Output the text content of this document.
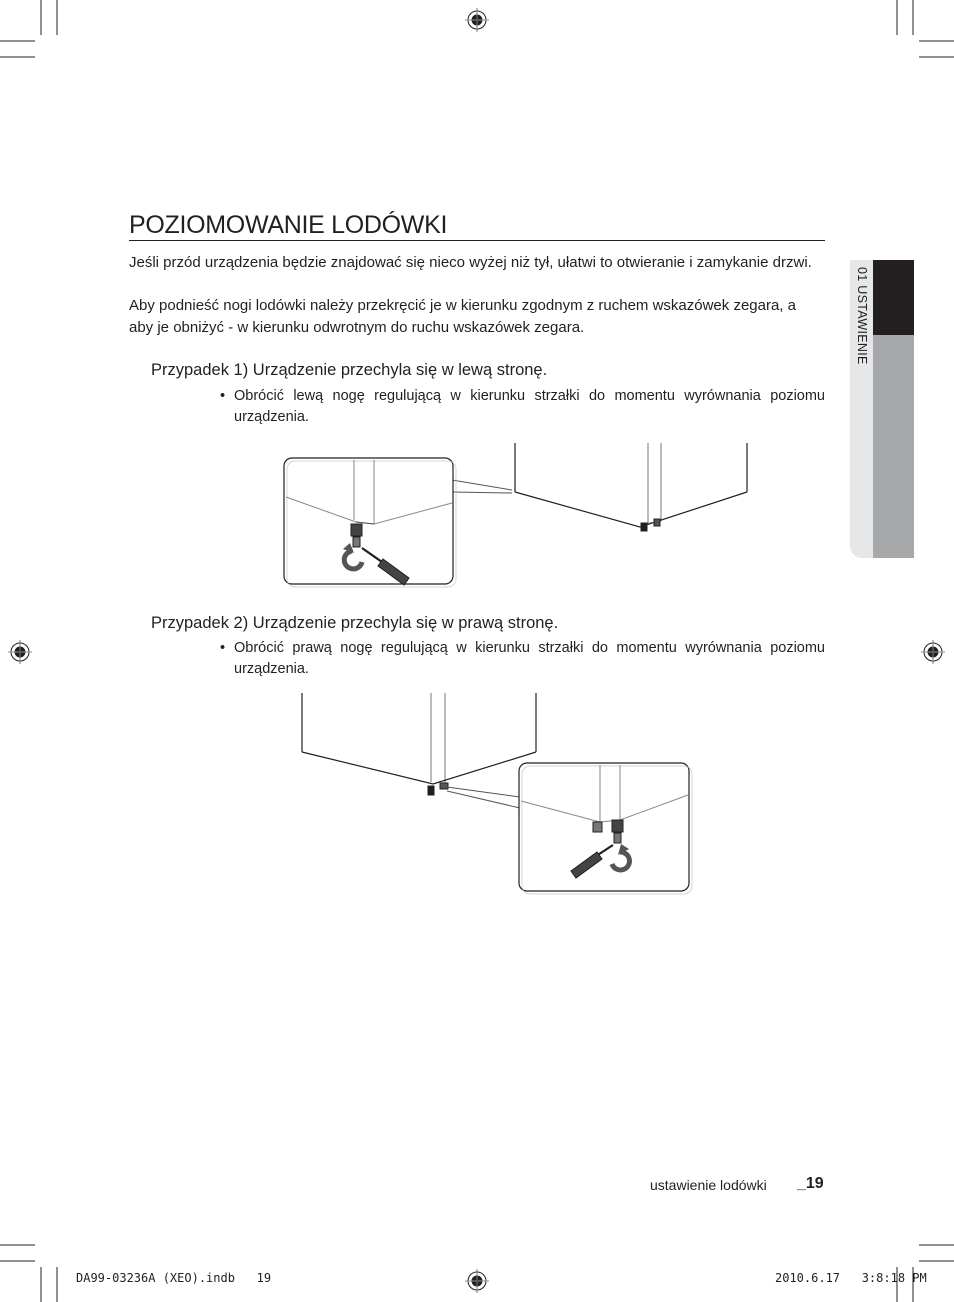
01 USTAWIENIE
POZIOMOWANIE LODÓWKI
Jeśli przód urządzenia będzie znajdować się nieco wyżej niż tył, ułatwi to otwieranie i zamykanie drzwi.
Aby podnieść nogi lodówki należy przekręcić je w kierunku zgodnym z ruchem wskazówek zegara, a aby je obniżyć - w kierunku odwrotnym do ruchu wskazówek zegara.
Przypadek 1) Urządzenie przechyla się w lewą stronę.
• Obrócić lewą nogę regulującą w kierunku strzałki do momentu wyrównania poziomu urządzenia.
Przypadek 2) Urządzenie przechyla się w prawą stronę.
• Obrócić prawą nogę regulującą w kierunku strzałki do momentu wyrównania poziomu urządzenia.
ustawienie lodówki _19
DA99-03236A (XEO).indb   19	2010.6.17   3:8:18 PM
